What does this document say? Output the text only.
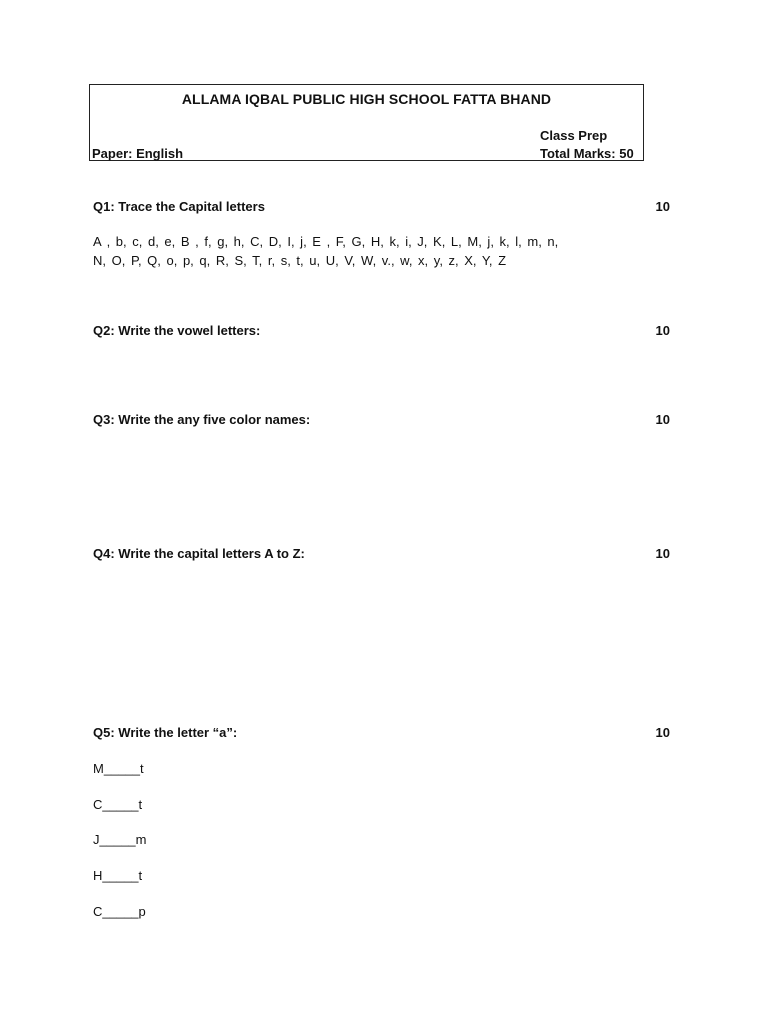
ALLAMA IQBAL PUBLIC HIGH SCHOOL FATTA BHAND
Class Prep
Paper: English	Total Marks: 50
Q1: Trace the Capital letters	10
A , b, c, d, e, B , f, g, h, C, D, I, j, E , F, G, H, k, i, J, K, L, M, j, k, l, m, n,
N, O, P, Q, o, p, q, R, S, T, r, s, t, u, U, V, W, v., w, x, y, z, X, Y, Z
Q2: Write the vowel letters:	10
Q3: Write the any five color names:	10
Q4: Write the capital letters A to Z:	10
Q5: Write the letter “a”:	10
M_____t
C_____t
J_____m
H_____t
C_____p
